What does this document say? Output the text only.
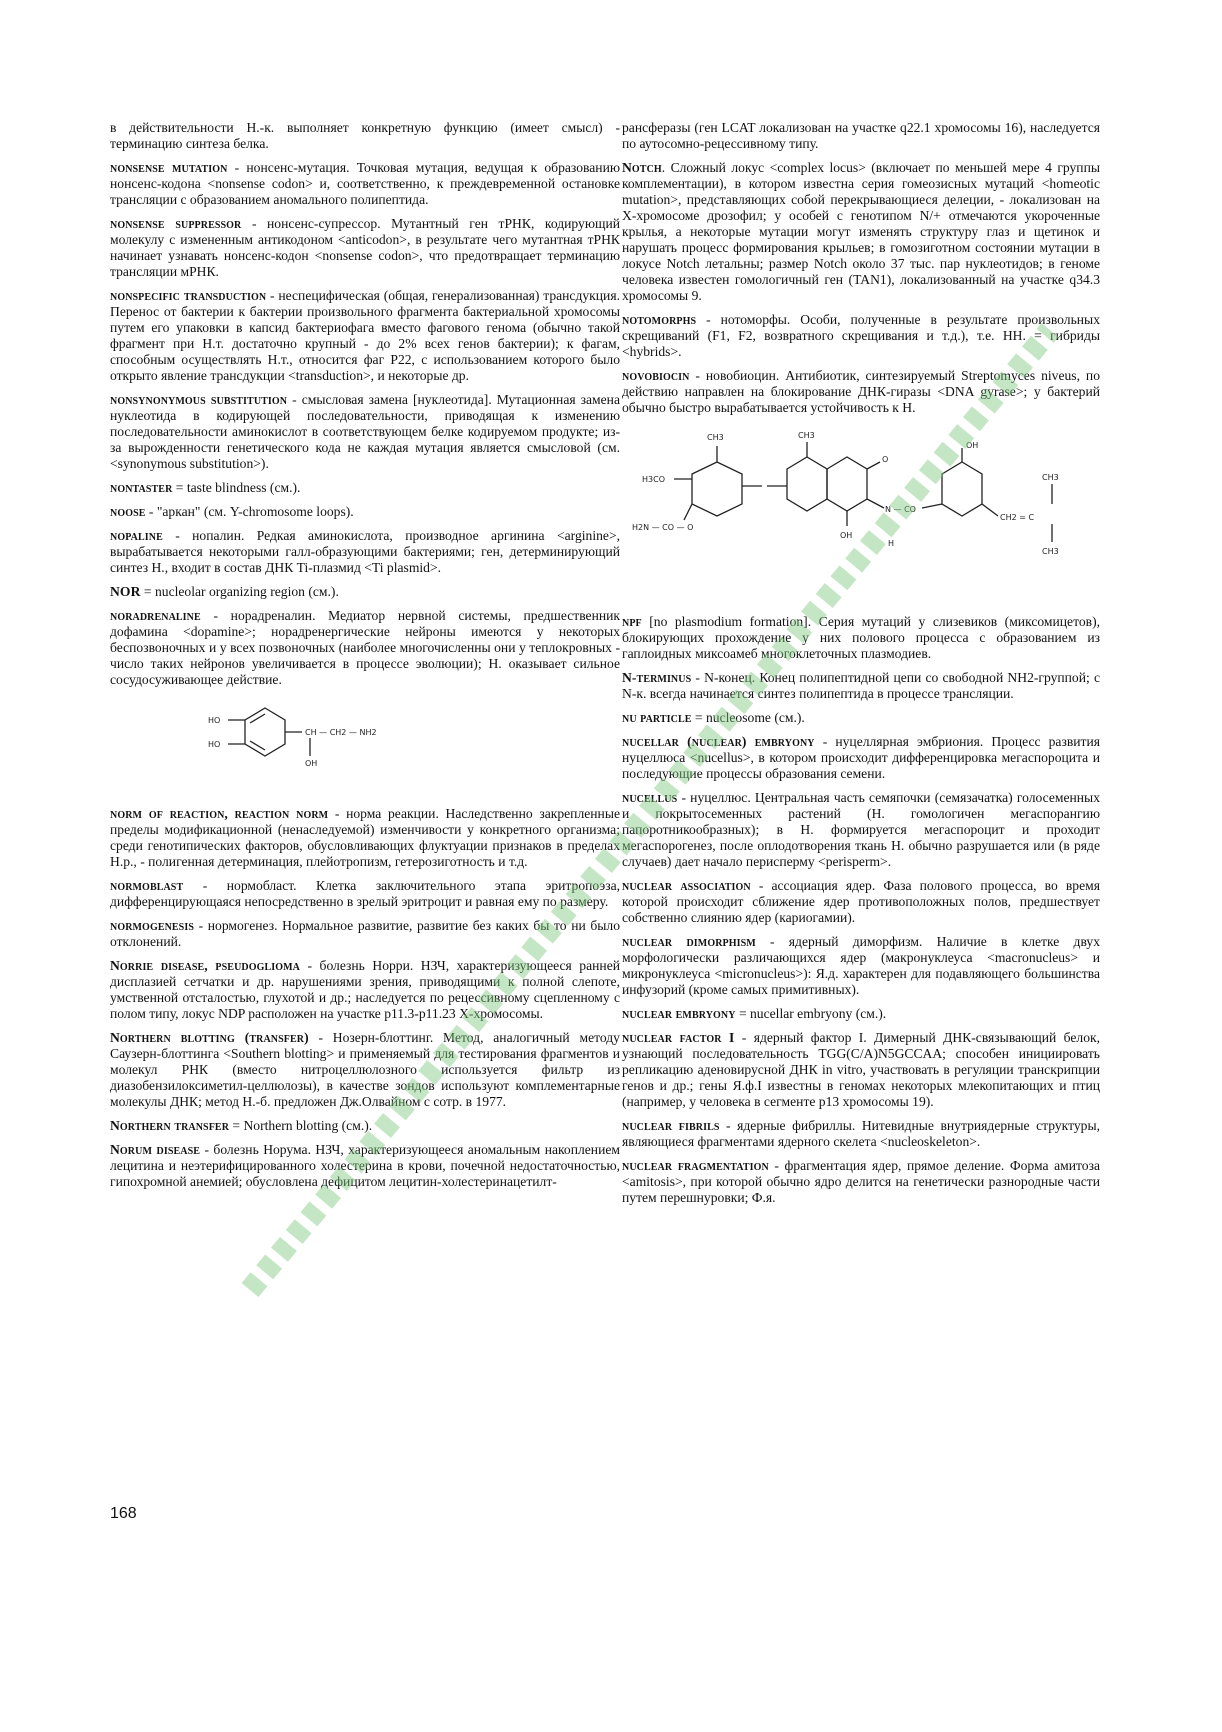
в действительности Н.-к. выполняет конкретную функцию (имеет смысл) - терминацию синтеза белка.

nonsense mutation - нонсенс-мутация. Точковая мутация, ведущая к образованию нонсенс-кодона <nonsense codon> и, соответственно, к преждевременной остановке трансляции с образованием аномального полипептида.

nonsense suppressor - нонсенс-супрессор. Мутантный ген тРНК, кодирующий молекулу с измененным антикодоном <anticodon>, в результате чего мутантная тРНК начинает узнавать нонсенс-кодон <nonsense codon>, что предотвращает терминацию трансляции мРНК.

nonspecific transduction - неспецифическая (общая, генерализованная) трансдукция. Перенос от бактерии к бактерии произвольного фрагмента бактериальной хромосомы путем его упаковки в капсид бактериофага вместо фагового генома (обычно такой фрагмент при Н.т. достаточно крупный - до 2% всех генов бактерии); к фагам, способным осуществлять Н.т., относится фаг P22, с использованием которого было открыто явление трансдукции <transduction>, и некоторые др.

nonsynonymous substitution - смысловая замена [нуклеотида]. Мутационная замена нуклеотида в кодирующей последовательности, приводящая к изменению последовательности аминокислот в соответствующем белке кодируемом продукте; из-за вырожденности генетического кода не каждая мутация является смысловой (см. <synonymous substitution>).

nontaster = taste blindness (см.).

noose - "аркан" (см. Y-chromosome loops).

nopaline - нопалин. Редкая аминокислота, производное аргинина <arginine>, вырабатывается некоторыми галл-образующими бактериями; ген, детерминирующий синтез Н., входит в состав ДНК Ti-плазмид <Ti plasmid>.

NOR = nucleolar organizing region (см.).

noradrenaline - норадреналин. Медиатор нервной системы, предшественник дофамина <dopamine>; норадренергические нейроны имеются у некоторых беспозвоночных и у всех позвоночных (наиболее многочисленны они у теплокровных - число таких нейронов увеличивается в процессе эволюции); Н. оказывает сильное сосудосуживающее действие.

HO
HO
CH — CH2 — NH2
OH

norm of reaction, reaction norm - норма реакции. Наследственно закрепленные пределы модификационной (ненаследуемой) изменчивости у конкретного организма; среди генотипических факторов, обусловливающих флуктуации признаков в пределах Н.р., - полигенная детерминация, плейотропизм, гетерозиготность и т.д.

normoblast - нормобласт. Клетка заключительного этапа эритропоэза, дифференцирующаяся непосредственно в зрелый эритроцит и равная ему по размеру.

normogenesis - нормогенез. Нормальное развитие, развитие без каких бы то ни было отклонений.

Norrie disease, pseudoglioma - болезнь Норри. НЗЧ, характеризующееся ранней дисплазией сетчатки и др. нарушениями зрения, приводящими к полной слепоте, умственной отсталостью, глухотой и др.; наследуется по рецессивному сцепленному с полом типу, локус NDP расположен на участке p11.3-p11.23 X-хромосомы.

Northern blotting (transfer) - Нозерн-блоттинг. Метод, аналогичный методу Саузерн-блоттинга <Southern blotting> и применяемый для тестирования фрагментов и молекул РНК (вместо нитроцеллюлозного используется фильтр из диазобензилоксиметил-целлюлозы), в качестве зондов используют комплементарные молекулы ДНК; метод Н.-б. предложен Дж.Олвайном с сотр. в 1977.

Northern transfer = Northern blotting (см.).

Norum disease - болезнь Норума. НЗЧ, характеризующееся аномальным накоплением лецитина и неэтерифицированного холестерина в крови, почечной недостаточностью, гипохромной анемией; обусловлена дефицитом лецитин-холестеринацетилт-

рансферазы (ген LCAT локализован на участке q22.1 хромосомы 16), наследуется по аутосомно-рецессивному типу.

Notch. Сложный локус <complex locus> (включает по меньшей мере 4 группы комплементации), в котором известна серия гомеозисных мутаций <homeotic mutation>, представляющих собой перекрывающиеся делеции, - локализован на X-хромосоме дрозофил; у особей с генотипом N/+ отмечаются укороченные крылья, а некоторые мутации могут изменять структуру глаз и щетинок и нарушать процесс формирования крыльев; в гомозиготном состоянии мутации в локусе Notch летальны; размер Notch около 37 тыс. пар нуклеотидов; в геноме человека известен гомологичный ген (TAN1), локализованный на участке q34.3 хромосомы 9.

notomorphs - нотоморфы. Особи, полученные в результате произвольных скрещиваний (F1, F2, возвратного скрещивания и т.д.), т.е. НН. = гибриды <hybrids>.

novobiocin - новобиоцин. Антибиотик, синтезируемый Streptomyces niveus, по действию направлен на блокирование ДНК-гиразы <DNA gyrase>; у бактерий обычно быстро вырабатывается устойчивость к Н.

CH3
H3CO
CH3
O
H2N — CO — O
OH
N — CO
H
OH
CH2 = C
CH3
CH3

npf [no plasmodium formation]. Серия мутаций у слизевиков (миксомицетов), блокирующих прохождение у них полового процесса с образованием из гаплоидных миксоамеб многоклеточных плазмодиев.

N-terminus - N-конец. Конец полипептидной цепи со свободной NH2-группой; с N-к. всегда начинается синтез полипептида в процессе трансляции.

nu particle = nucleosome (см.).

nucellar (nuclear) embryony - нуцеллярная эмбриония. Процесс развития нуцеллюса <nucellus>, в котором происходит дифференцировка мегаспороцита и последующие процессы образования семени.

nucellus - нуцеллюс. Центральная часть семяпочки (семязачатка) голосеменных и покрытосеменных растений (Н. гомологичен мегаспорангию папоротникообразных); в Н. формируется мегаспороцит и проходит мегаспорогенез, после оплодотворения ткань Н. обычно разрушается или (в ряде случаев) дает начало перисперму <perisperm>.

nuclear association - ассоциация ядер. Фаза полового процесса, во время которой происходит сближение ядер противоположных полов, предшествует собственно слиянию ядер (кариогамии).

nuclear dimorphism - ядерный диморфизм. Наличие в клетке двух морфологически различающихся ядер (макронуклеуса <macronucleus> и микронуклеуса <micronucleus>): Я.д. характерен для подавляющего большинства инфузорий (кроме самых примитивных).

nuclear embryony = nucellar embryony (см.).

nuclear factor I - ядерный фактор I. Димерный ДНК-связывающий белок, узнающий последовательность TGG(C/A)N5GCCAA; способен инициировать репликацию аденовирусной ДНК in vitro, участвовать в регуляции транскрипции генов и др.; гены Я.ф.I известны в геномах некоторых млекопитающих и птиц (например, у человека в сегменте p13 хромосомы 19).

nuclear fibrils - ядерные фибриллы. Нитевидные внутриядерные структуры, являющиеся фрагментами ядерного скелета <nucleoskeleton>.

nuclear fragmentation - фрагментация ядер, прямое деление. Форма амитоза <amitosis>, при которой обычно ядро делится на генетически разнородные части путем перешнуровки; Ф.я.

168
